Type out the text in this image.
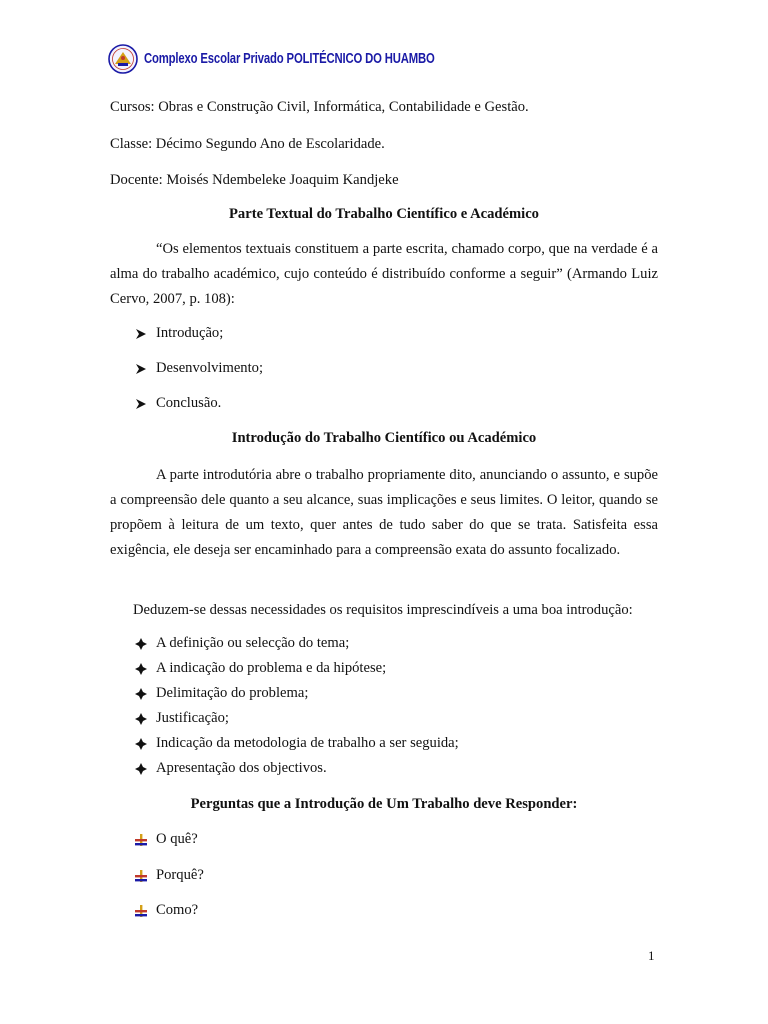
Complexo Escolar Privado POLITÉCNICO DO HUAMBO
Cursos: Obras e Construção Civil, Informática, Contabilidade e Gestão.
Classe: Décimo Segundo Ano de Escolaridade.
Docente: Moisés Ndembeleke Joaquim Kandjeke
Parte Textual do Trabalho Científico e Académico
“Os elementos textuais constituem a parte escrita, chamado corpo, que na verdade é a alma do trabalho académico, cujo conteúdo é distribuído conforme a seguir” (Armando Luiz Cervo, 2007, p. 108):
Introdução;
Desenvolvimento;
Conclusão.
Introdução do Trabalho Científico ou Académico
A parte introdutória abre o trabalho propriamente dito, anunciando o assunto, e supõe a compreensão dele quanto a seu alcance, suas implicações e seus limites. O leitor, quando se propõem à leitura de um texto, quer antes de tudo saber do que se trata. Satisfeita essa exigência, ele deseja ser encaminhado para a compreensão exata do assunto focalizado.
Deduzem-se dessas necessidades os requisitos imprescindíveis a uma boa introdução:
A definição ou selecção do tema;
A indicação do problema e da hipótese;
Delimitação do problema;
Justificação;
Indicação da metodologia de trabalho a ser seguida;
Apresentação dos objectivos.
Perguntas que a Introdução de Um Trabalho deve Responder:
O quê?
Porquê?
Como?
1
